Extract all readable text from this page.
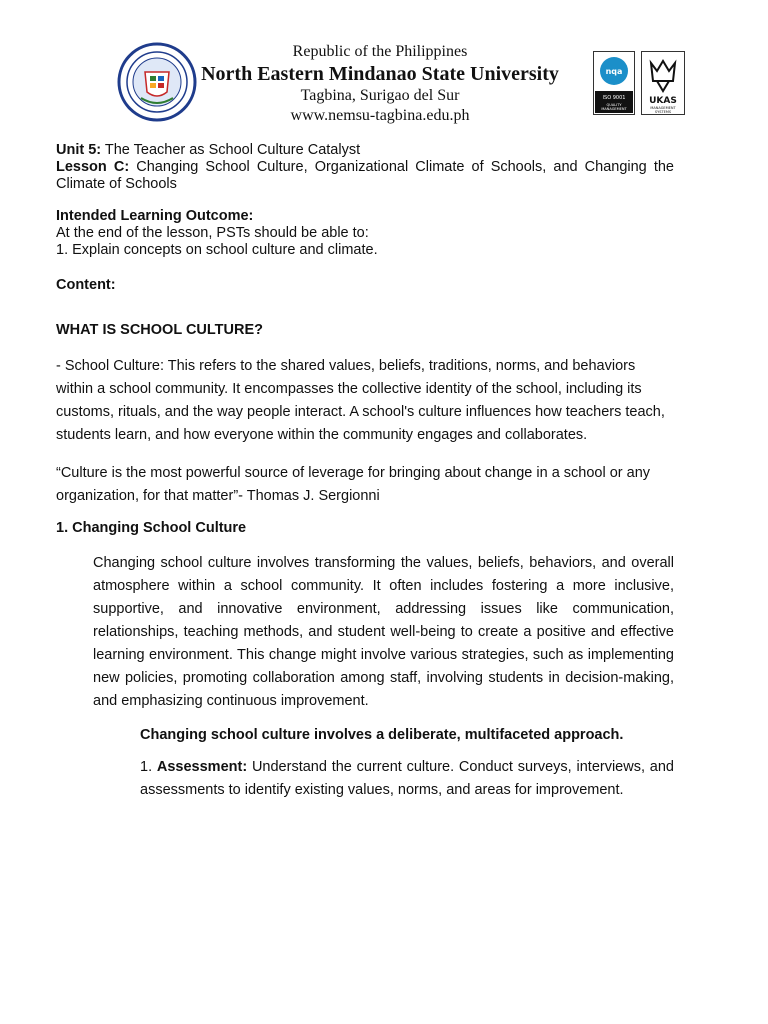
Republic of the Philippines
North Eastern Mindanao State University
Tagbina, Surigao del Sur
www.nemsu-tagbina.edu.ph
nqa
ISO 9001
QUALITY
MANAGEMENT
UKAS
MANAGEMENT
SYSTEMS
Unit 5: The Teacher as School Culture Catalyst
Lesson C: Changing School Culture, Organizational Climate of Schools, and Changing the Climate of Schools
Intended Learning Outcome:
At the end of the lesson, PSTs should be able to:
1. Explain concepts on school culture and climate.
Content:
WHAT IS SCHOOL CULTURE?

- School Culture: This refers to the shared values, beliefs, traditions, norms, and behaviors within a school community. It encompasses the collective identity of the school, including its customs, rituals, and the way people interact. A school's culture influences how teachers teach, students learn, and how everyone within the community engages and collaborates.

“Culture is the most powerful source of leverage for bringing about change in a school or any organization, for that matter”- Thomas J. Sergionni

1. Changing School Culture

Changing school culture involves transforming the values, beliefs, behaviors, and overall atmosphere within a school community. It often includes fostering a more inclusive, supportive, and innovative environment, addressing issues like communication, relationships, teaching methods, and student well-being to create a positive and effective learning environment. This change might involve various strategies, such as implementing new policies, promoting collaboration among staff, involving students in decision-making, and emphasizing continuous improvement.

Changing school culture involves a deliberate, multifaceted approach.

1. Assessment: Understand the current culture. Conduct surveys, interviews, and assessments to identify existing values, norms, and areas for improvement.
